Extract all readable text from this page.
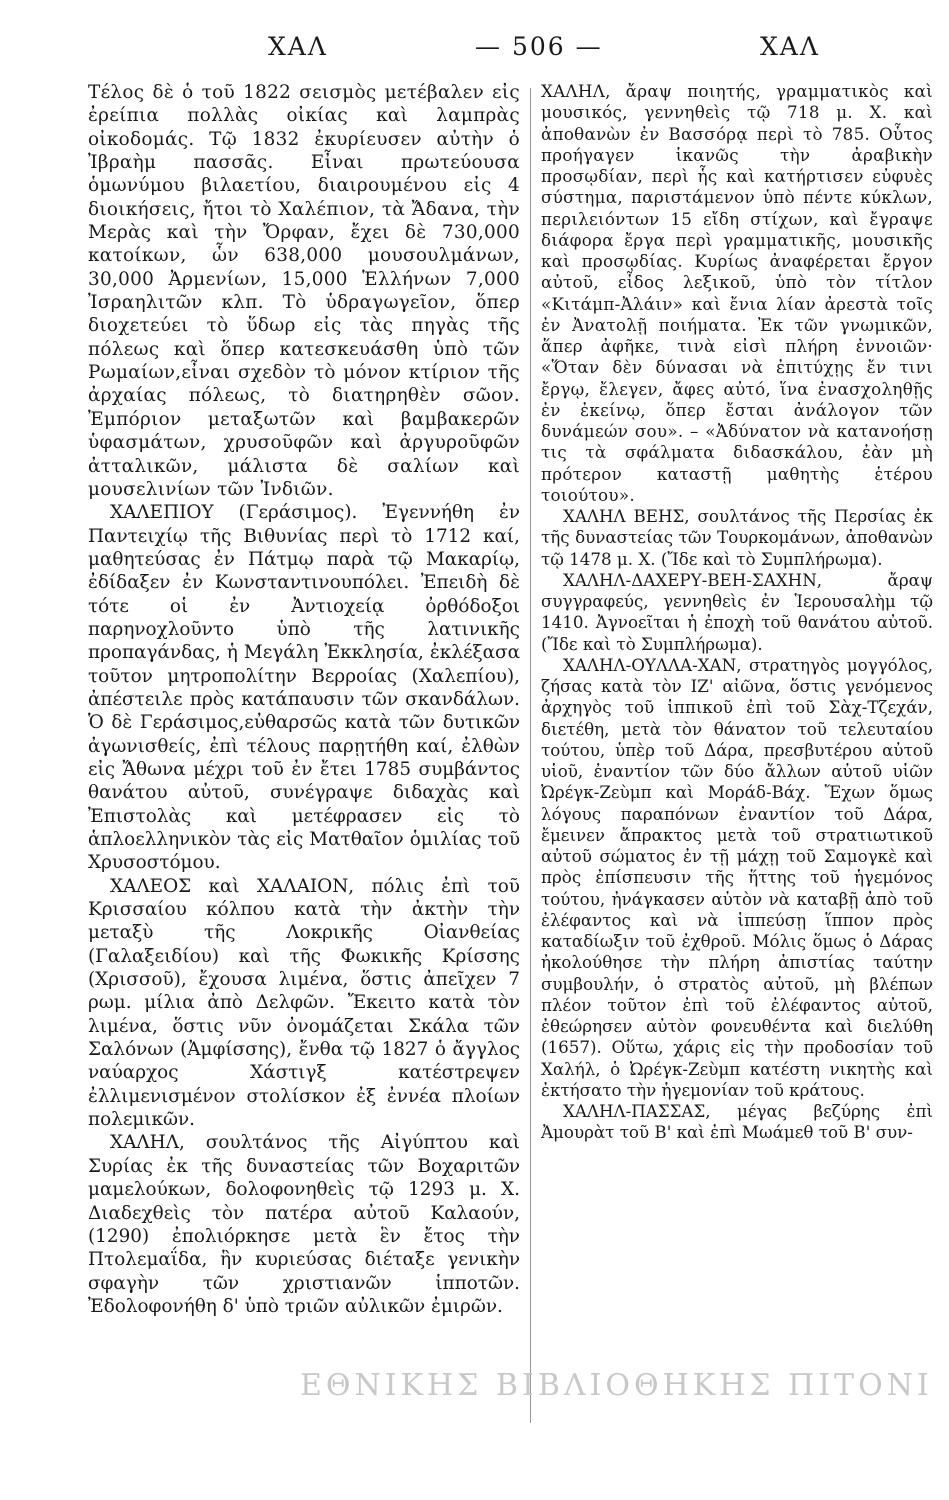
ΧΑΛ	— 506 —	ΧΑΛ

Τέλος δὲ ὁ τοῦ 1822 σεισμὸς μετέβαλεν εἰς ἐρείπια πολλὰς οἰκίας καὶ λαμπρὰς οἰκοδομάς. Τῷ 1832 ἐκυρίευσεν αὐτὴν ὁ Ἰβραὴμ πασσᾶς. Εἶναι πρωτεύουσα ὁμωνύμου βιλαετίου, διαιρουμένου εἰς 4 διοικήσεις, ἤτοι τὸ Χαλέπιον, τὰ Ἄδανα, τὴν Μερὰς καὶ τὴν Ὄρφαν, ἔχει δὲ 730,000 κατοίκων, ὧν 638,000 μουσουλμάνων, 30,000 Ἀρμενίων, 15,000 Ἑλλήνων 7,000 Ἰσραηλιτῶν κλπ. Τὸ ὑδραγωγεῖον, ὅπερ διοχετεύει τὸ ὕδωρ εἰς τὰς πηγὰς τῆς πόλεως καὶ ὅπερ κατεσκευάσθη ὑπὸ τῶν Ρωμαίων,εἶναι σχεδὸν τὸ μόνον κτίριον τῆς ἀρχαίας πόλεως, τὸ διατηρηθὲν σῶον. Ἐμπόριον μεταξωτῶν καὶ βαμβακερῶν ὑφασμάτων, χρυσοῦφῶν καὶ ἀργυροῦφῶν ἀτταλικῶν, μάλιστα δὲ σαλίων καὶ μουσελινίων τῶν Ἰνδιῶν.

ΧΑΛΕΠΙΟΥ (Γεράσιμος). Ἐγεννήθη ἐν Παντειχίῳ τῆς Βιθυνίας περὶ τὸ 1712 καί, μαθητεύσας ἐν Πάτμῳ παρὰ τῷ Μακαρίῳ, ἐδίδαξεν ἐν Κωνσταντινουπόλει. Ἐπειδὴ δὲ τότε οἱ ἐν Ἀντιοχείᾳ ὀρθόδοξοι παρηνοχλοῦντο ὑπὸ τῆς λατινικῆς προπαγάνδας, ἡ Μεγάλη Ἐκκλησία, ἐκλέξασα τοῦτον μητροπολίτην Βερροίας (Χαλεπίου), ἀπέστειλε πρὸς κατάπαυσιν τῶν σκανδάλων. Ὁ δὲ Γεράσιμος,εὐθαρσῶς κατὰ τῶν δυτικῶν ἀγωνισθείς, ἐπὶ τέλους παρῃτήθη καί, ἐλθὼν εἰς Ἄθωνα μέχρι τοῦ ἐν ἔτει 1785 συμβάντος θανάτου αὐτοῦ, συνέγραψε διδαχὰς καὶ Ἐπιστολὰς καὶ μετέφρασεν εἰς τὸ ἁπλοελληνικὸν τὰς εἰς Ματθαῖον ὁμιλίας τοῦ Χρυσοστόμου.

ΧΑΛΕΟΣ καὶ ΧΑΛΑΙΟΝ, πόλις ἐπὶ τοῦ Κρισσαίου κόλπου κατὰ τὴν ἀκτὴν τὴν μεταξὺ τῆς Λοκρικῆς Οἰανθείας (Γαλαξειδίου) καὶ τῆς Φωκικῆς Κρίσσης (Χρισσοῦ), ἔχουσα λιμένα, ὅστις ἀπεῖχεν 7 ρωμ. μίλια ἀπὸ Δελφῶν. Ἔκειτο κατὰ τὸν λιμένα, ὅστις νῦν ὀνομάζεται Σκάλα τῶν Σαλόνων (Ἀμφίσσης), ἔνθα τῷ 1827 ὁ ἄγγλος ναύαρχος Χάστιγξ κατέστρεψεν ἐλλιμενισμένον στολίσκον ἐξ ἐννέα πλοίων πολεμικῶν.

ΧΑΛΗΛ, σουλτάνος τῆς Αἰγύπτου καὶ Συρίας ἐκ τῆς δυναστείας τῶν Βοχαριτῶν μαμελούκων, δολοφονηθεὶς τῷ 1293 μ. Χ. Διαδεχθεὶς τὸν πατέρα αὐτοῦ Καλαούν, (1290) ἐπολιόρκησε μετὰ ἓν ἔτος τὴν Πτολεμαΐδα, ἣν κυριεύσας διέταξε γενικὴν σφαγὴν τῶν χριστιανῶν ἱπποτῶν. Ἐδολοφονήθη δ' ὑπὸ τριῶν αὐλικῶν ἐμιρῶν.

ΧΑΛΗΛ, ἄραψ ποιητής, γραμματικὸς καὶ μουσικός, γεννηθεὶς τῷ 718 μ. Χ. καὶ ἀποθανὼν ἐν Βασσόρᾳ περὶ τὸ 785. Οὗτος προήγαγεν ἱκανῶς τὴν ἀραβικὴν προσῳδίαν, περὶ ἧς καὶ κατήρτισεν εὐφυὲς σύστημα, παριστάμενον ὑπὸ πέντε κύκλων, περιλειόντων 15 εἴδη στίχων, καὶ ἔγραψε διάφορα ἔργα περὶ γραμματικῆς, μουσικῆς καὶ προσῳδίας. Κυρίως ἀναφέρεται ἔργον αὐτοῦ, εἶδος λεξικοῦ, ὑπὸ τὸν τίτλον «Κιτάμπ-Ἀλάιν» καὶ ἔνια λίαν ἀρεστὰ τοῖς ἐν Ἀνατολῇ ποιήματα. Ἐκ τῶν γνωμικῶν, ἅπερ ἀφῆκε, τινὰ εἰσὶ πλήρη ἐννοιῶν· «Ὅταν δὲν δύνασαι νὰ ἐπιτύχῃς ἔν τινι ἔργῳ, ἔλεγεν, ἄφες αὐτό, ἵνα ἐνασχοληθῇς ἐν ἐκείνῳ, ὅπερ ἔσται ἀνάλογον τῶν δυνάμεών σου». – «Ἀδύνατον νὰ κατανοήσῃ τις τὰ σφάλματα διδασκάλου, ἐὰν μὴ πρότερον καταστῇ μαθητὴς ἑτέρου τοιούτου».

ΧΑΛΗΛ ΒΕΗΣ, σουλτάνος τῆς Περσίας ἐκ τῆς δυναστείας τῶν Τουρκομάνων, ἀποθανὼν τῷ 1478 μ. Χ. (Ἴδε καὶ τὸ Συμπλήρωμα).

ΧΑΛΗΛ-ΔΑΧΕΡΥ-ΒΕΗ-ΣΑΧΗΝ, ἄραψ συγγραφεύς, γεννηθεὶς ἐν Ἱερουσαλὴμ τῷ 1410. Ἀγνοεῖται ἡ ἐποχὴ τοῦ θανάτου αὐτοῦ. (Ἴδε καὶ τὸ Συμπλήρωμα).

ΧΑΛΗΛ-ΟΥΛΛΑ-ΧΑΝ, στρατηγὸς μογγόλος, ζήσας κατὰ τὸν ΙΖ' αἰῶνα, ὅστις γενόμενος ἀρχηγὸς τοῦ ἱππικοῦ ἐπὶ τοῦ Σὰχ-Τζεχάν, διετέθη, μετὰ τὸν θάνατον τοῦ τελευταίου τούτου, ὑπὲρ τοῦ Δάρα, πρεσβυτέρου αὐτοῦ υἱοῦ, ἐναντίον τῶν δύο ἄλλων αὐτοῦ υἱῶν Ὠρέγκ-Ζεὺμπ καὶ Μοράδ-Βάχ. Ἔχων ὅμως λόγους παραπόνων ἐναντίον τοῦ Δάρα, ἔμεινεν ἄπρακτος μετὰ τοῦ στρατιωτικοῦ αὐτοῦ σώματος ἐν τῇ μάχῃ τοῦ Σαμογκὲ καὶ πρὸς ἐπίσπευσιν τῆς ἥττης τοῦ ἡγεμόνος τούτου, ἠνάγκασεν αὐτὸν νὰ καταβῇ ἀπὸ τοῦ ἐλέφαντος καὶ νὰ ἱππεύσῃ ἵππον πρὸς καταδίωξιν τοῦ ἐχθροῦ. Μόλις ὅμως ὁ Δάρας ἠκολούθησε τὴν πλήρη ἀπιστίας ταύτην συμβουλήν, ὁ στρατὸς αὐτοῦ, μὴ βλέπων πλέον τοῦτον ἐπὶ τοῦ ἐλέφαντος αὐτοῦ, ἐθεώρησεν αὐτὸν φονευθέντα καὶ διελύθη (1657). Οὕτω, χάρις εἰς τὴν προδοσίαν τοῦ Χαλήλ, ὁ Ὠρέγκ-Ζεὺμπ κατέστη νικητὴς καὶ ἐκτήσατο τὴν ἡγεμονίαν τοῦ κράτους.

ΧΑΛΗΛ-ΠΑΣΣΑΣ, μέγας βεζύρης ἐπὶ Ἀμουρὰτ τοῦ Β' καὶ ἐπὶ Μωάμεθ τοῦ Β' συν-

ΕΘΝΙΚΗΣ ΒΙΒΛΙΟΘΗΚΗΣ ΠΙΤΟΝΙ
